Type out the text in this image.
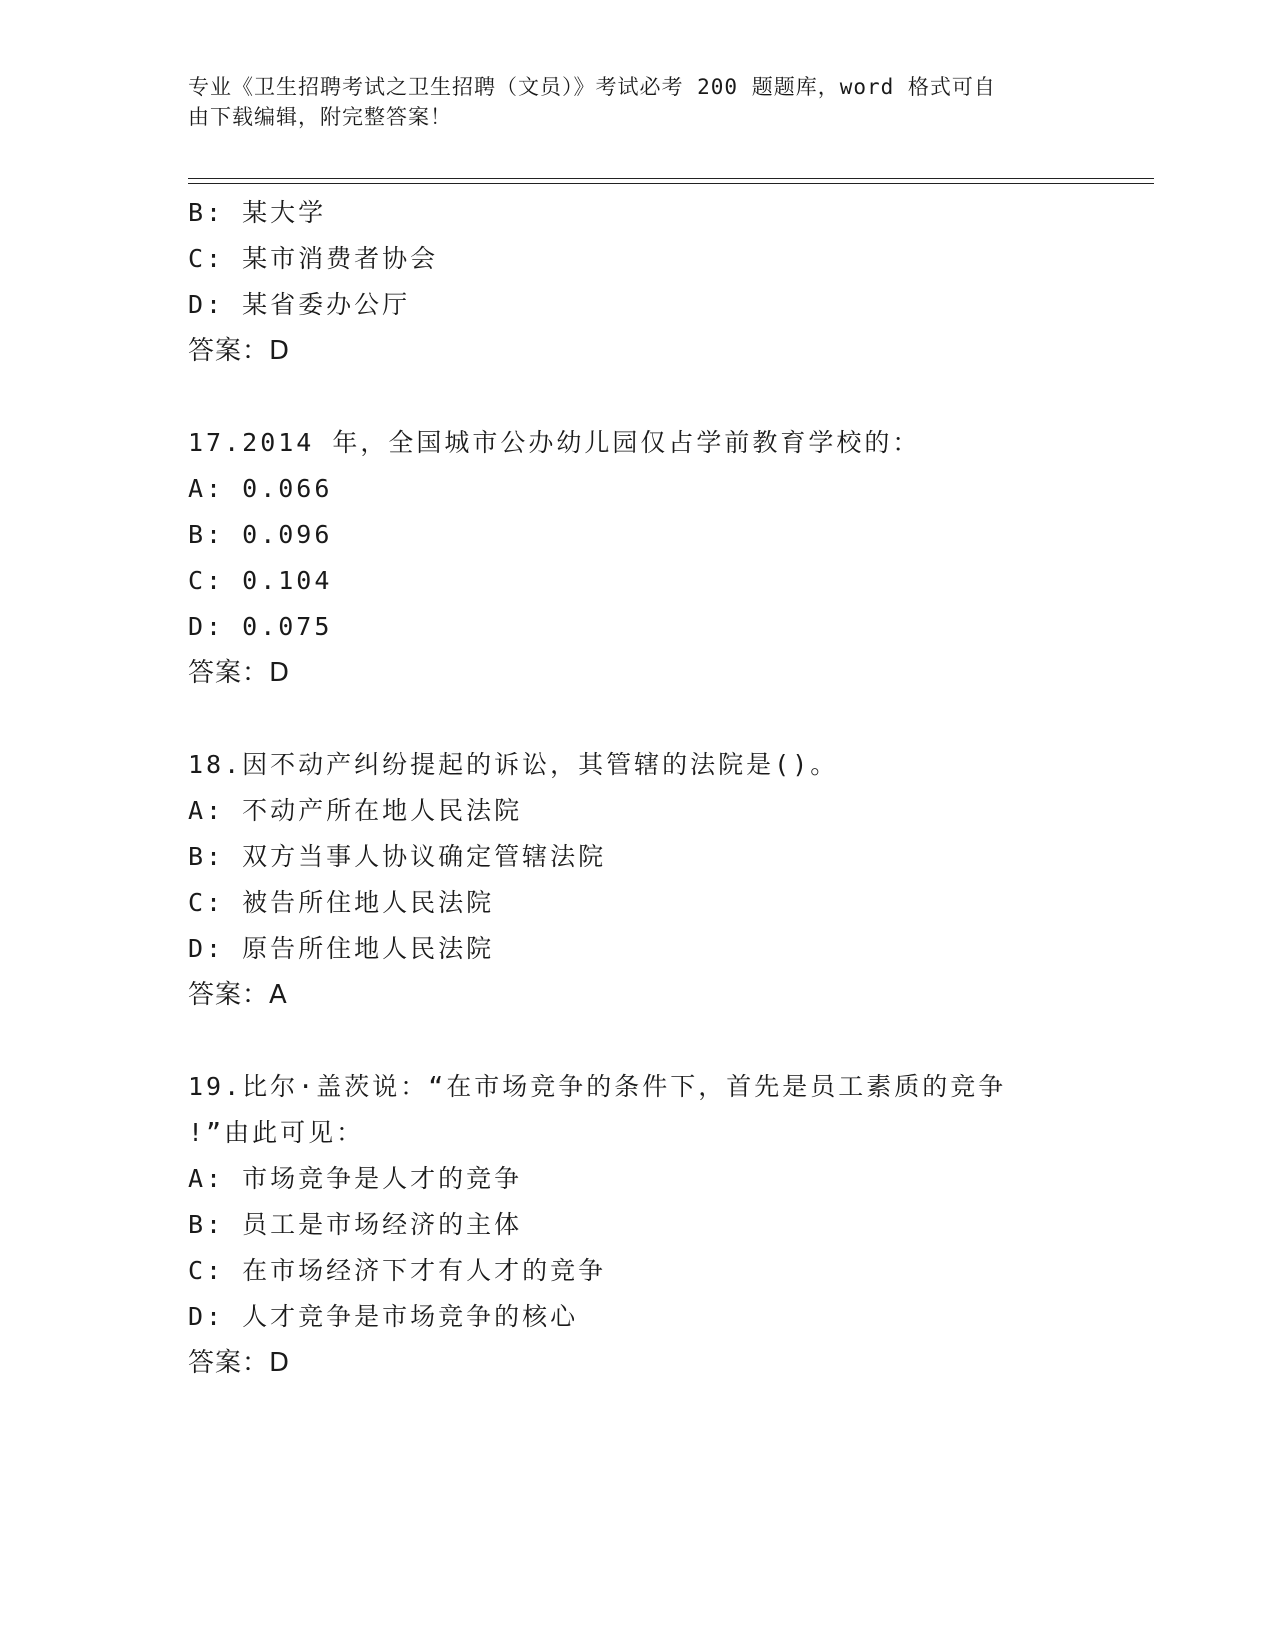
专业《卫生招聘考试之卫生招聘（文员）》考试必考 200 题题库，word 格式可自
由下载编辑，附完整答案！
B: 某大学
C: 某市消费者协会
D: 某省委办公厅
答案：D
17.2014 年，全国城市公办幼儿园仅占学前教育学校的：
A: 0.066
B: 0.096
C: 0.104
D: 0.075
答案：D
18.因不动产纠纷提起的诉讼，其管辖的法院是()。
A: 不动产所在地人民法院
B: 双方当事人协议确定管辖法院
C: 被告所住地人民法院
D: 原告所住地人民法院
答案：A
19.比尔·盖茨说：“在市场竞争的条件下，首先是员工素质的竞争
!”由此可见：
A: 市场竞争是人才的竞争
B: 员工是市场经济的主体
C: 在市场经济下才有人才的竞争
D: 人才竞争是市场竞争的核心
答案：D
